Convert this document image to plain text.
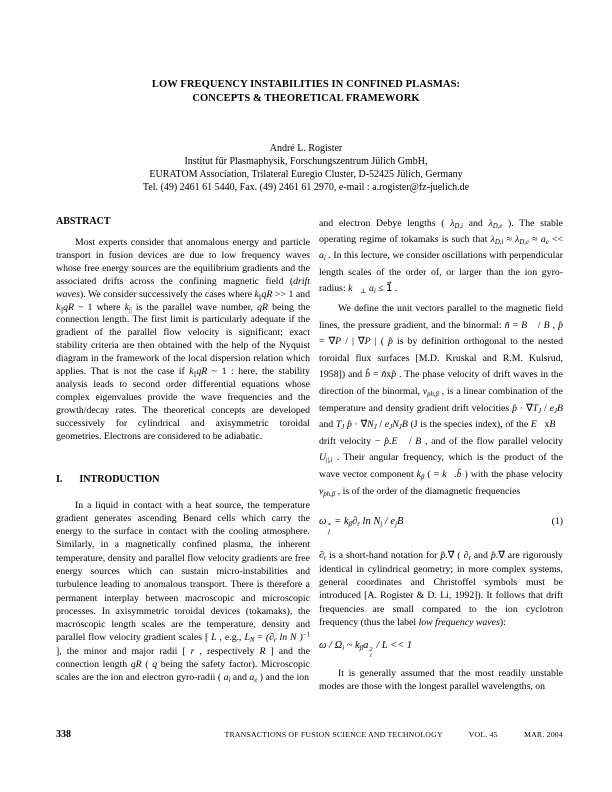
LOW FREQUENCY INSTABILITIES IN CONFINED PLASMAS:
CONCEPTS & THEORETICAL FRAMEWORK
André L. Rogister
Institut für Plasmaphysik, Forschungszentrum Jülich GmbH,
EURATOM Association, Trilateral Euregio Cluster, D-52425 Jülich, Germany
Tel. (49) 2461 61 5440, Fax. (49) 2461 61 2970, e-mail : a.rogister@fz-juelich.de
ABSTRACT

Most experts consider that anomalous energy and particle transport in fusion devices are due to low frequency waves whose free energy sources are the equilibrium gradients and the associated drifts across the confining magnetic field (drift waves). We consider successively the cases where $k_{||}qR >> 1$ and $k_{||}qR$ ~ 1 where $k_{||}$ is the parallel wave number, qR being the connection length. The first limit is particularly adequate if the gradient of the parallel flow velocity is significant; exact stability criteria are then obtained with the help of the Nyquist diagram in the framework of the local dispersion relation which applies. That is not the case if $k_{||}qR$ ~ 1 : here, the stability analysis leads to second order differential equations whose complex eigenvalues provide the wave frequencies and the growth/decay rates. The theoretical concepts are developed successively for cylindrical and axisymmetric toroidal geometries. Electrons are considered to be adiabatic.

I. INTRODUCTION

In a liquid in contact with a heat source, the temperature gradient generates ascending Benard cells which carry the energy to the surface in contact with the cooling atmosphere. Similarly, in a magnetically confined plasma, the inherent temperature, density and parallel flow velocity gradients are free energy sources which can sustain micro-instabilities and turbulence leading to anomalous transport. There is therefore a permanent interplay between macroscopic and microscopic processes. In axisymmetric toroidal devices (tokamaks), the macroscopic length scales are the temperature, density and parallel flow velocity gradient scales [ L , e.g., $L_N = (\partial_r$ ln N )$^{-1}$ ], the minor and major radii [ r , respectively R ] and the connection length qR ( q being the safety factor). Microscopic scales are the ion and electron gyro-radii ( $a_i$ and $a_e$ ) and the ion

and electron Debye lengths ( $\lambda_{D,i}$ and $\lambda_{D,e}$ ). The stable operating regime of tokamaks is such that $\lambda_{D,i} \approx \lambda_{D,e} \approx a_e << a_i$ . In this lecture, we consider oscillations with perpendicular length scales of the order of, or larger than the ion gyro-radius: $k⃗_\perp$ $a_i$ ≤ 1⃗ .

We define the unit vectors parallel to the magnetic field lines, the pressure gradient, and the binormal: n̂ = B⃗ / B , p̂ = ∇⃗P / | ∇⃗P | ( p̂ is by definition orthogonal to the nested toroidal flux surfaces [M.D. Kruskal and R.M. Kulsrud, 1958]) and b̂ = n̂xp̂ . The phase velocity of drift waves in the direction of the binormal, $v_{ph,\beta}$ , is a linear combination of the temperature and density gradient drift velocities p̂ · $\nabla⃗T_J / e_JB$ and $T_J$ p̂ · $\nabla⃗N_J / e_JN_JB$ (J is the species index), of the E⃗xB⃗ drift velocity − p̂.E⃗ / B , and of the flow parallel velocity $U_{||,i}$ . Their angular frequency, which is the product of the wave vector component $k_\beta$ ( = k⃗.b̂ ) with the phase velocity $v_{ph,\beta}$ , is of the order of the diamagnetic frequencies

ω *
j
= $k_\beta\partial_r$ $\ln N_j / e_jB$	(1)

$\partial_r$ is a short-hand notation for p̂.∇⃗ ( $\partial_r$ and p̂.∇⃗ are rigorously identical in cylindrical geometry; in more complex systems, general coordinates and Christoffel symbols must be introduced [A. Rogister & D. Li, 1992]). It follows that drift frequencies are small compared to the ion cyclotron frequency (thus the label low frequency waves):

ω / $\Omega_i$ ~ $k_\beta a$ 2
i
/ L << 1

It is generally assumed that the most readily unstable modes are those with the longest parallel wavelengths, on

338	TRANSACTIONS OF FUSION SCIENCE AND TECHNOLOGY	VOL. 45	MAR. 2004
